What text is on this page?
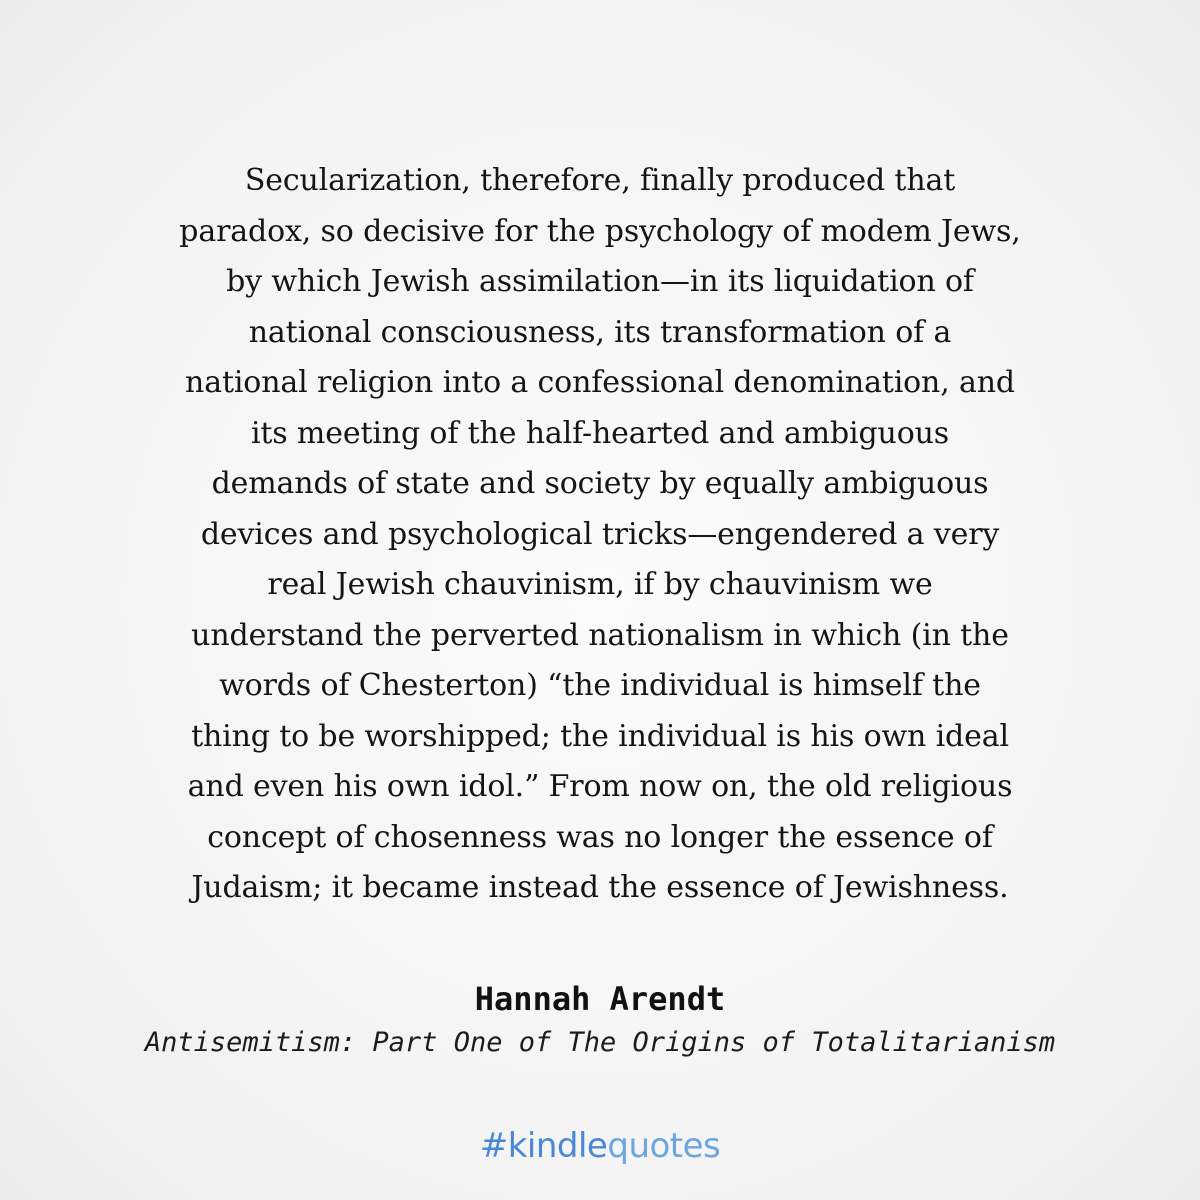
Secularization, therefore, finally produced that
paradox, so decisive for the psychology of modem Jews,
by which Jewish assimilation—in its liquidation of
national consciousness, its transformation of a
national religion into a confessional denomination, and
its meeting of the half-hearted and ambiguous
demands of state and society by equally ambiguous
devices and psychological tricks—engendered a very
real Jewish chauvinism, if by chauvinism we
understand the perverted nationalism in which (in the
words of Chesterton) “the individual is himself the
thing to be worshipped; the individual is his own ideal
and even his own idol.” From now on, the old religious
concept of chosenness was no longer the essence of
Judaism; it became instead the essence of Jewishness.

Hannah Arendt

Antisemitism: Part One of The Origins of Totalitarianism

#kindlequotes
